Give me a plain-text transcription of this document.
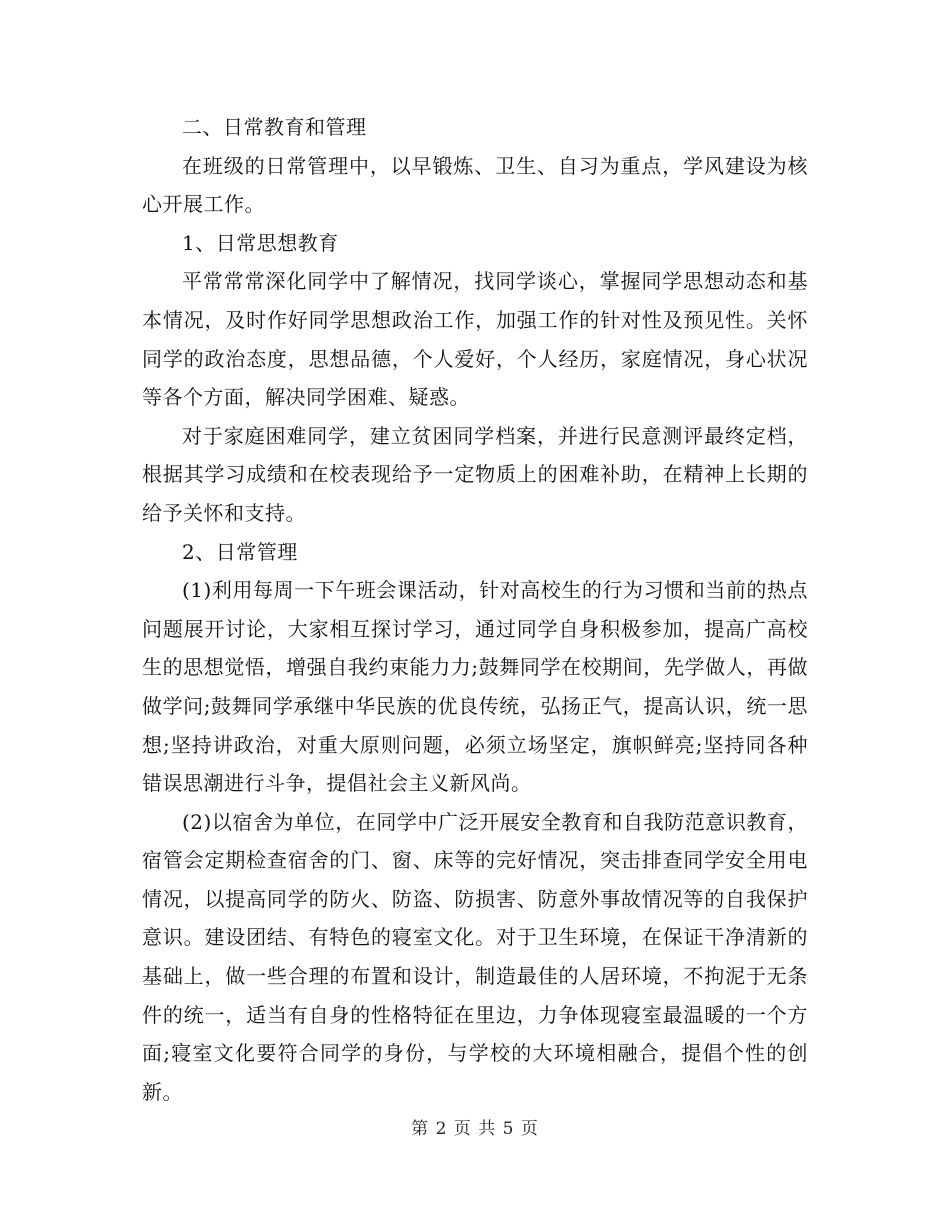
二、日常教育和管理

在班级的日常管理中，以早锻炼、卫生、自习为重点，学风建设为核心开展工作。

1、日常思想教育

平常常常深化同学中了解情况，找同学谈心，掌握同学思想动态和基本情况，及时作好同学思想政治工作，加强工作的针对性及预见性。关怀同学的政治态度，思想品德，个人爱好，个人经历，家庭情况，身心状况等各个方面，解决同学困难、疑惑。

对于家庭困难同学，建立贫困同学档案，并进行民意测评最终定档，根据其学习成绩和在校表现给予一定物质上的困难补助，在精神上长期的给予关怀和支持。

2、日常管理

(1)利用每周一下午班会课活动，针对高校生的行为习惯和当前的热点问题展开讨论，大家相互探讨学习，通过同学自身积极参加，提高广高校生的思想觉悟，增强自我约束能力力;鼓舞同学在校期间，先学做人，再做做学问;鼓舞同学承继中华民族的优良传统，弘扬正气，提高认识，统一思想;坚持讲政治，对重大原则问题，必须立场坚定，旗帜鲜亮;坚持同各种错误思潮进行斗争，提倡社会主义新风尚。

(2)以宿舍为单位，在同学中广泛开展安全教育和自我防范意识教育，宿管会定期检查宿舍的门、窗、床等的完好情况，突击排查同学安全用电情况，以提高同学的防火、防盗、防损害、防意外事故情况等的自我保护意识。建设团结、有特色的寝室文化。对于卫生环境，在保证干净清新的基础上，做一些合理的布置和设计，制造最佳的人居环境，不拘泥于无条件的统一，适当有自身的性格特征在里边，力争体现寝室最温暖的一个方面;寝室文化要符合同学的身份，与学校的大环境相融合，提倡个性的创新。

第 2 页 共 5 页
